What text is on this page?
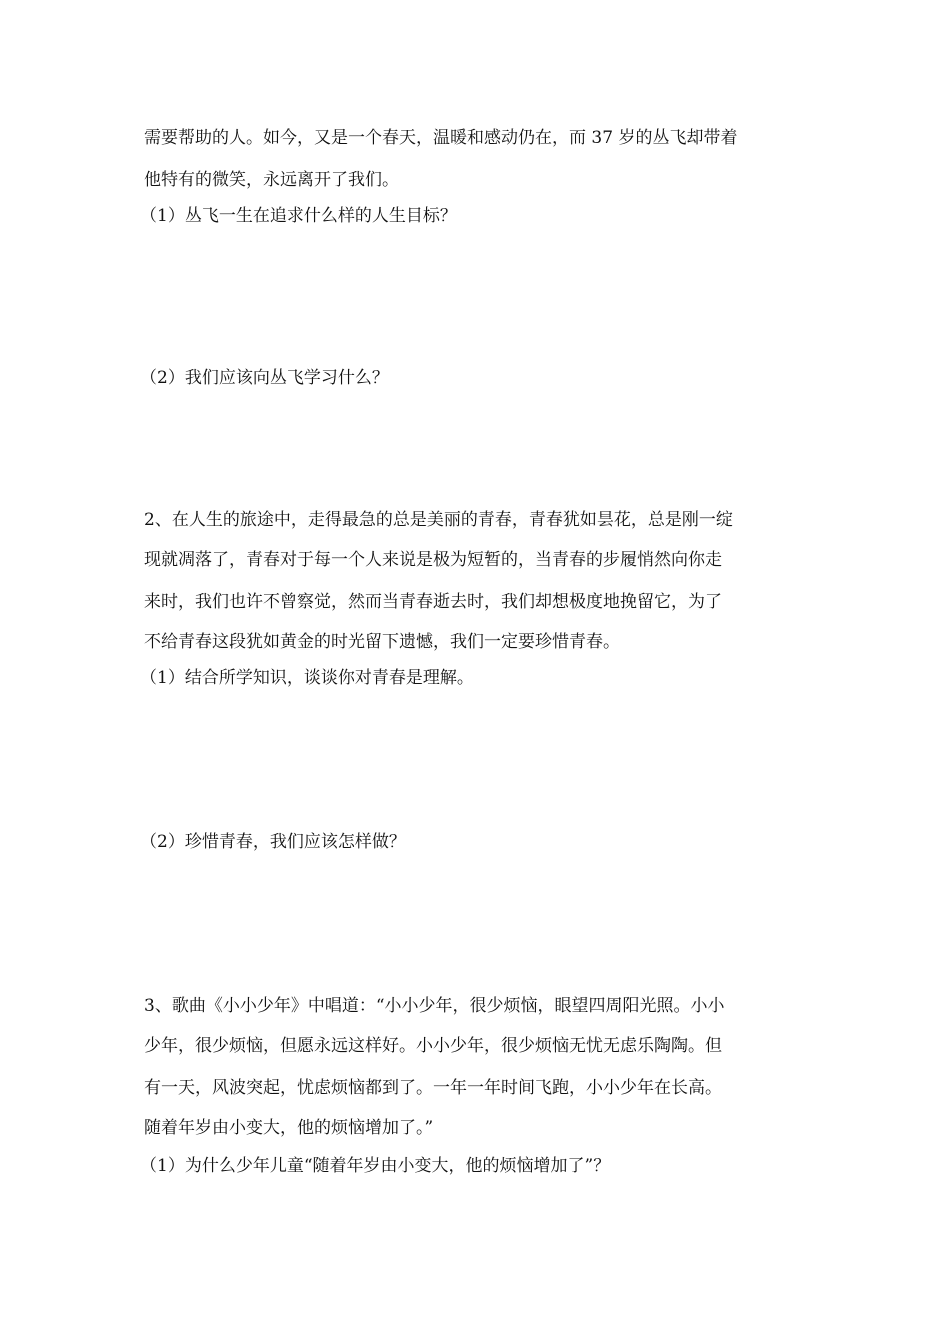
需要帮助的人。如今，又是一个春天，温暖和感动仍在，而 37 岁的丛飞却带着
他特有的微笑，永远离开了我们。
（1）丛飞一生在追求什么样的人生目标？
（2）我们应该向丛飞学习什么？
2、在人生的旅途中，走得最急的总是美丽的青春，青春犹如昙花，总是刚一绽
现就凋落了，青春对于每一个人来说是极为短暂的，当青春的步履悄然向你走
来时，我们也许不曾察觉，然而当青春逝去时，我们却想极度地挽留它，为了
不给青春这段犹如黄金的时光留下遗憾，我们一定要珍惜青春。
（1）结合所学知识，谈谈你对青春是理解。
（2）珍惜青春，我们应该怎样做？
3、歌曲《小小少年》中唱道：“小小少年，很少烦恼，眼望四周阳光照。小小
少年，很少烦恼，但愿永远这样好。小小少年，很少烦恼无忧无虑乐陶陶。但
有一天，风波突起，忧虑烦恼都到了。一年一年时间飞跑，小小少年在长高。
随着年岁由小变大，他的烦恼增加了。”
（1）为什么少年儿童“随着年岁由小变大，他的烦恼增加了”？
